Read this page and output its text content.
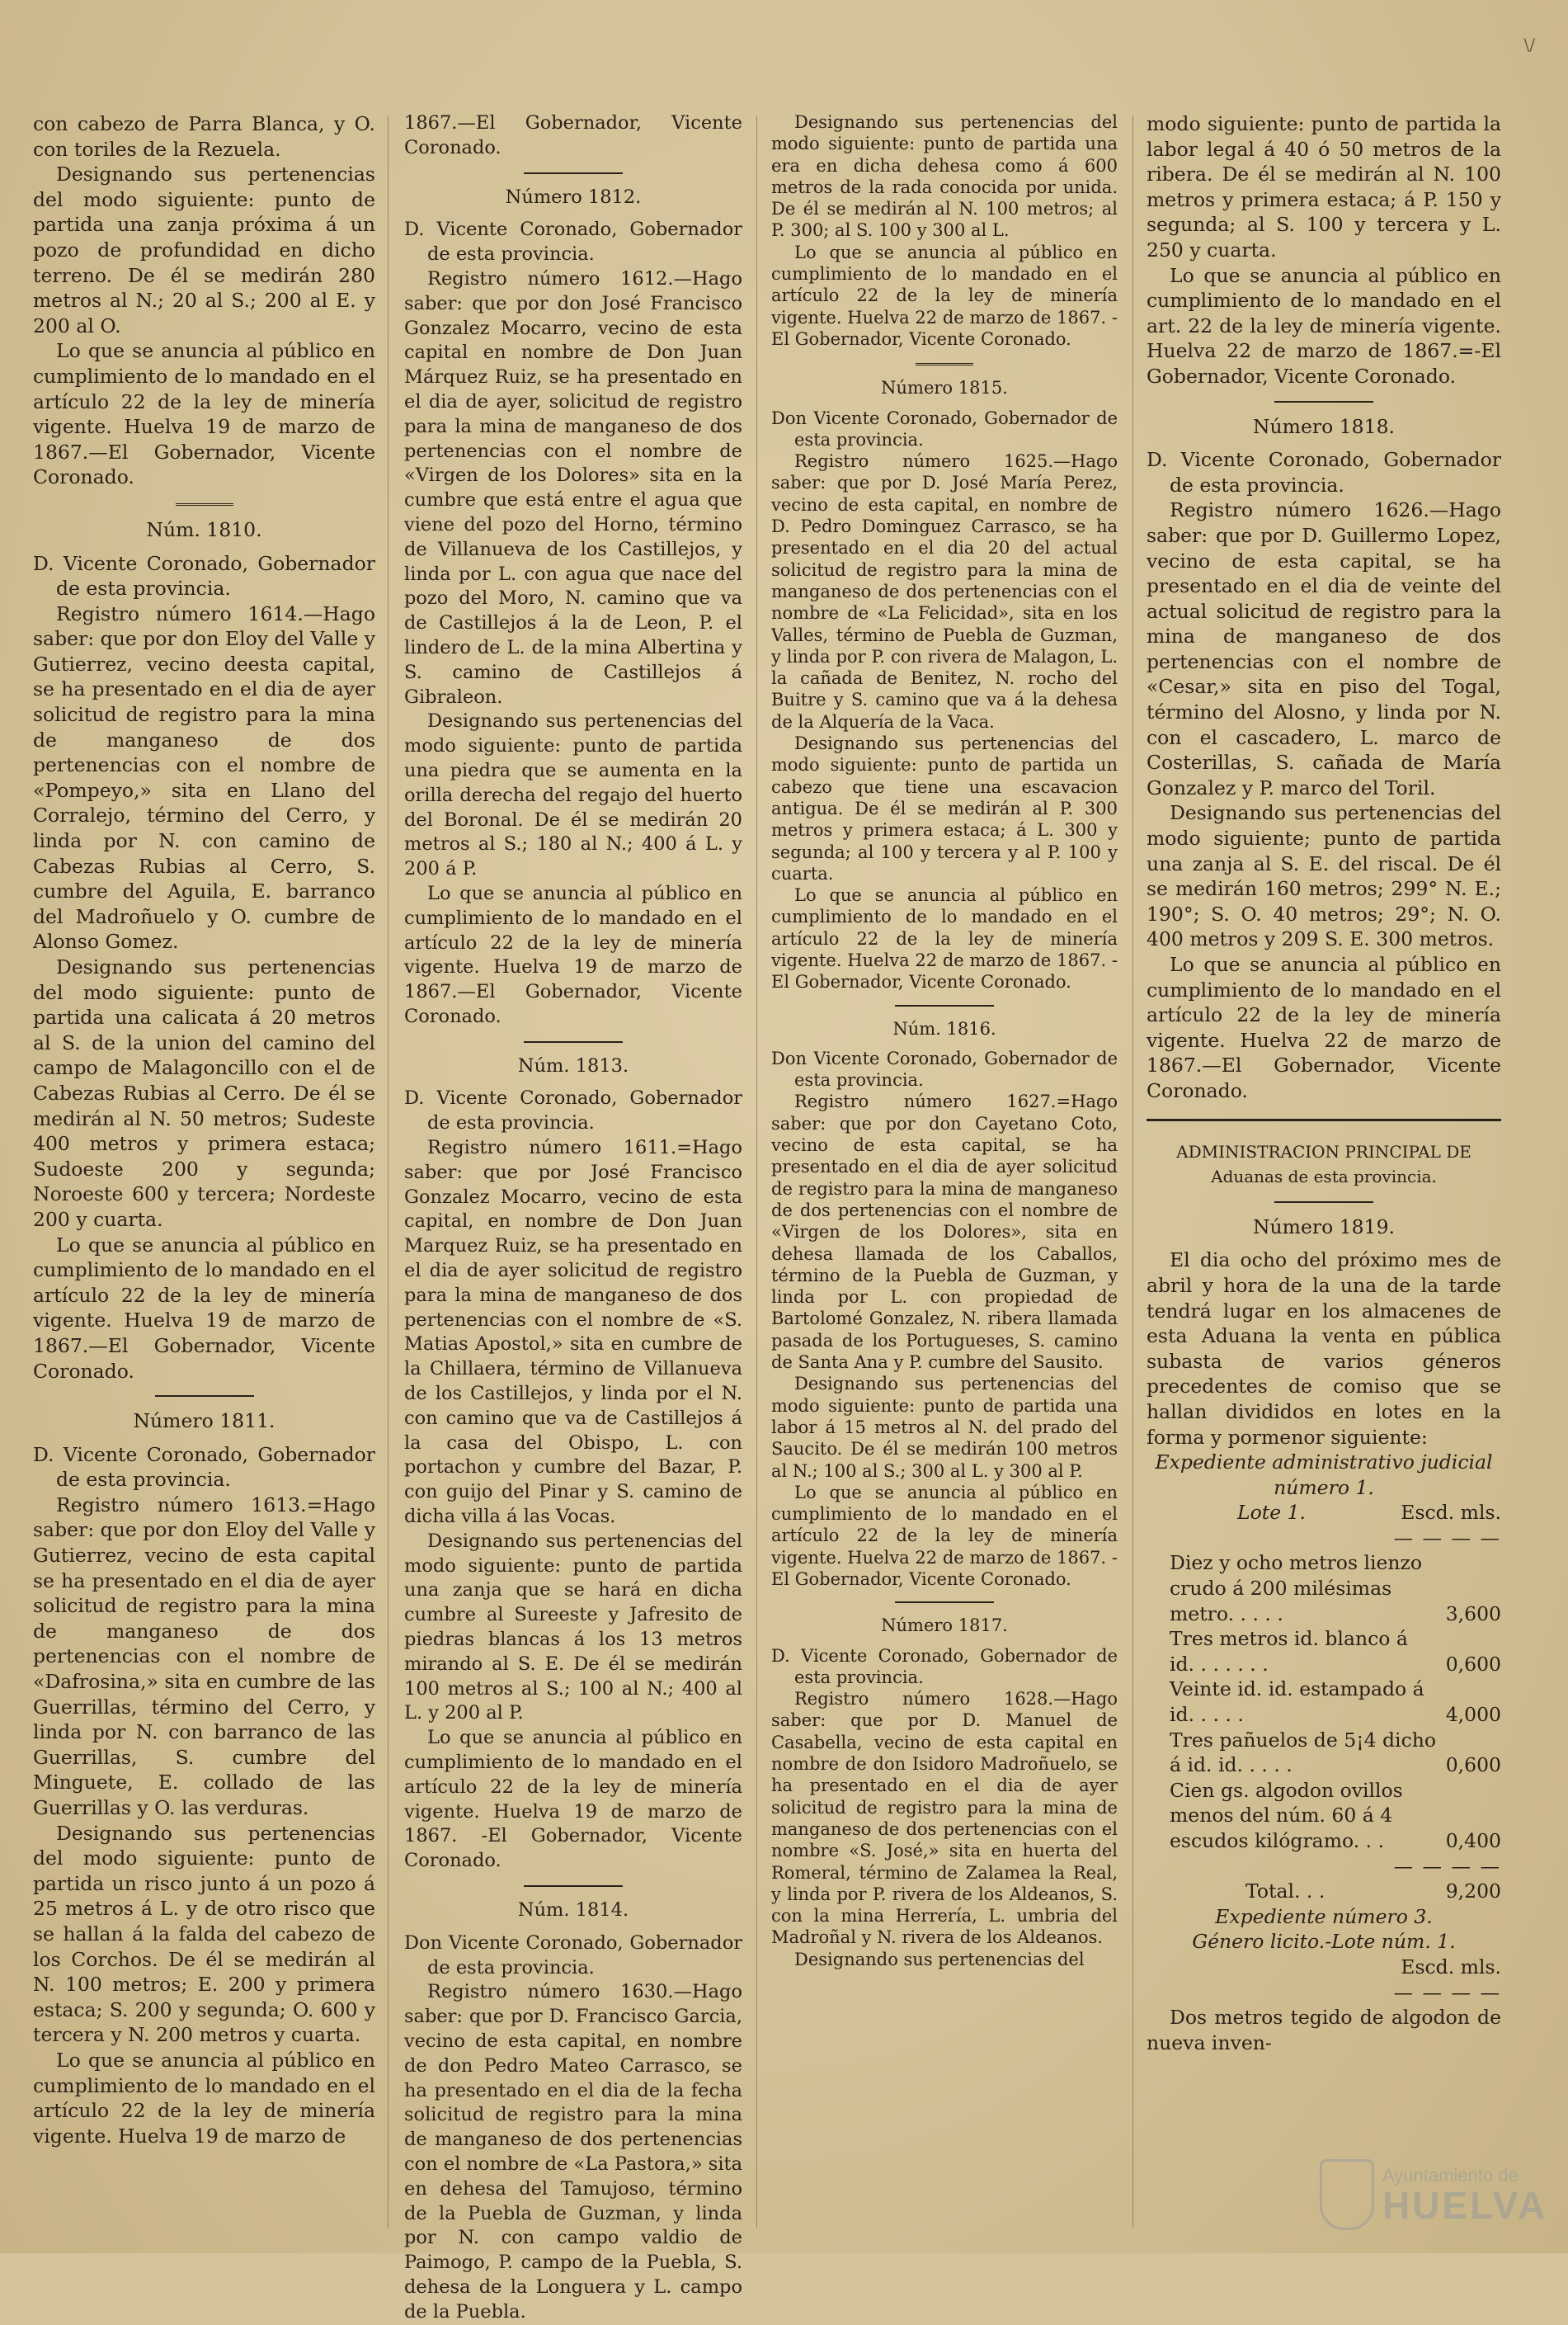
\/

con cabezo de Parra Blanca, y O. con toriles de la Rezuela.

Designando sus pertenencias del modo siguiente: punto de partida una zanja próxima á un pozo de profundidad en dicho terreno. De él se medirán 280 metros al N.; 20 al S.; 200 al E. y 200 al O.

Lo que se anuncia al público en cumplimiento de lo mandado en el artículo 22 de la ley de minería vigente. Huelva 19 de marzo de 1867.—El Gobernador, Vicente Coronado.

Núm. 1810.

D. Vicente Coronado, Gobernador de esta provincia.

Registro número 1614.—Hago saber: que por don Eloy del Valle y Gutierrez, vecino deesta capital, se ha presentado en el dia de ayer solicitud de registro para la mina de manganeso de dos pertenencias con el nombre de «Pompeyo,» sita en Llano del Corralejo, término del Cerro, y linda por N. con camino de Cabezas Rubias al Cerro, S. cumbre del Aguila, E. barranco del Madroñuelo y O. cumbre de Alonso Gomez.

Designando sus pertenencias del modo siguiente: punto de partida una calicata á 20 metros al S. de la union del camino del campo de Malagoncillo con el de Cabezas Rubias al Cerro. De él se medirán al N. 50 metros; Sudeste 400 metros y primera estaca; Sudoeste 200 y segunda; Noroeste 600 y tercera; Nordeste 200 y cuarta.

Lo que se anuncia al público en cumplimiento de lo mandado en el artículo 22 de la ley de minería vigente. Huelva 19 de marzo de 1867.—El Gobernador, Vicente Coronado.

Número 1811.

D. Vicente Coronado, Gobernador de esta provincia.

Registro número 1613.=Hago saber: que por don Eloy del Valle y Gutierrez, vecino de esta capital se ha presentado en el dia de ayer solicitud de registro para la mina de manganeso de dos pertenencias con el nombre de «Dafrosina,» sita en cumbre de las Guerrillas, término del Cerro, y linda por N. con barranco de las Guerrillas, S. cumbre del Minguete, E. collado de las Guerrillas y O. las verduras.

Designando sus pertenencias del modo siguiente: punto de partida un risco junto á un pozo á 25 metros á L. y de otro risco que se hallan á la falda del cabezo de los Corchos. De él se medirán al N. 100 metros; E. 200 y primera estaca; S. 200 y segunda; O. 600 y tercera y N. 200 metros y cuarta.

Lo que se anuncia al público en cumplimiento de lo mandado en el artículo 22 de la ley de minería vigente. Huelva 19 de marzo de

1867.—El Gobernador, Vicente Coronado.

Número 1812.

D. Vicente Coronado, Gobernador de esta provincia.

Registro número 1612.—Hago saber: que por don José Francisco Gonzalez Mocarro, vecino de esta capital en nombre de Don Juan Márquez Ruiz, se ha presentado en el dia de ayer, solicitud de registro para la mina de manganeso de dos pertenencias con el nombre de «Virgen de los Dolores» sita en la cumbre que está entre el agua que viene del pozo del Horno, término de Villanueva de los Castillejos, y linda por L. con agua que nace del pozo del Moro, N. camino que va de Castillejos á la de Leon, P. el lindero de L. de la mina Albertina y S. camino de Castillejos á Gibraleon.

Designando sus pertenencias del modo siguiente: punto de partida una piedra que se aumenta en la orilla derecha del regajo del huerto del Boronal. De él se medirán 20 metros al S.; 180 al N.; 400 á L. y 200 á P.

Lo que se anuncia al público en cumplimiento de lo mandado en el artículo 22 de la ley de minería vigente. Huelva 19 de marzo de 1867.—El Gobernador, Vicente Coronado.

Núm. 1813.

D. Vicente Coronado, Gobernador de esta provincia.

Registro número 1611.=Hago saber: que por José Francisco Gonzalez Mocarro, vecino de esta capital, en nombre de Don Juan Marquez Ruiz, se ha presentado en el dia de ayer solicitud de registro para la mina de manganeso de dos pertenencias con el nombre de «S. Matias Apostol,» sita en cumbre de la Chillaera, término de Villanueva de los Castillejos, y linda por el N. con camino que va de Castillejos á la casa del Obispo, L. con portachon y cumbre del Bazar, P. con guijo del Pinar y S. camino de dicha villa á las Vocas.

Designando sus pertenencias del modo siguiente: punto de partida una zanja que se hará en dicha cumbre al Sureeste y Jafresito de piedras blancas á los 13 metros mirando al S. E. De él se medirán 100 metros al S.; 100 al N.; 400 al L. y 200 al P.

Lo que se anuncia al público en cumplimiento de lo mandado en el artículo 22 de la ley de minería vigente. Huelva 19 de marzo de 1867. -El Gobernador, Vicente Coronado.

Núm. 1814.

Don Vicente Coronado, Gobernador de esta provincia.

Registro número 1630.—Hago saber: que por D. Francisco Garcia, vecino de esta capital, en nombre de don Pedro Mateo Carrasco, se ha presentado en el dia de la fecha solicitud de registro para la mina de manganeso de dos pertenencias con el nombre de «La Pastora,» sita en dehesa del Tamujoso, término de la Puebla de Guzman, y linda por N. con campo valdio de Paimogo, P. campo de la Puebla, S. dehesa de la Longuera y L. campo de la Puebla.

Designando sus pertenencias del modo siguiente: punto de partida una era en dicha dehesa como á 600 metros de la rada conocida por unida. De él se medirán al N. 100 metros; al P. 300; al S. 100 y 300 al L.

Lo que se anuncia al público en cumplimiento de lo mandado en el artículo 22 de la ley de minería vigente. Huelva 22 de marzo de 1867. -El Gobernador, Vicente Coronado.

Número 1815.

Don Vicente Coronado, Gobernador de esta provincia.

Registro número 1625.—Hago saber: que por D. José María Perez, vecino de esta capital, en nombre de D. Pedro Dominguez Carrasco, se ha presentado en el dia 20 del actual solicitud de registro para la mina de manganeso de dos pertenencias con el nombre de «La Felicidad», sita en los Valles, término de Puebla de Guzman, y linda por P. con rivera de Malagon, L. la cañada de Benitez, N. rocho del Buitre y S. camino que va á la dehesa de la Alquería de la Vaca.

Designando sus pertenencias del modo siguiente: punto de partida un cabezo que tiene una escavacion antigua. De él se medirán al P. 300 metros y primera estaca; á L. 300 y segunda; al 100 y tercera y al P. 100 y cuarta.

Lo que se anuncia al público en cumplimiento de lo mandado en el artículo 22 de la ley de minería vigente. Huelva 22 de marzo de 1867. -El Gobernador, Vicente Coronado.

Núm. 1816.

Don Vicente Coronado, Gobernador de esta provincia.

Registro número 1627.=Hago saber: que por don Cayetano Coto, vecino de esta capital, se ha presentado en el dia de ayer solicitud de registro para la mina de manganeso de dos pertenencias con el nombre de «Virgen de los Dolores», sita en dehesa llamada de los Caballos, término de la Puebla de Guzman, y linda por L. con propiedad de Bartolomé Gonzalez, N. ribera llamada pasada de los Portugueses, S. camino de Santa Ana y P. cumbre del Sausito.

Designando sus pertenencias del modo siguiente: punto de partida una labor á 15 metros al N. del prado del Saucito. De él se medirán 100 metros al N.; 100 al S.; 300 al L. y 300 al P.

Lo que se anuncia al público en cumplimiento de lo mandado en el artículo 22 de la ley de minería vigente. Huelva 22 de marzo de 1867. -El Gobernador, Vicente Coronado.

Número 1817.

D. Vicente Coronado, Gobernador de esta provincia.

Registro número 1628.—Hago saber: que por D. Manuel de Casabella, vecino de esta capital en nombre de don Isidoro Madroñuelo, se ha presentado en el dia de ayer solicitud de registro para la mina de manganeso de dos pertenencias con el nombre «S. José,» sita en huerta del Romeral, término de Zalamea la Real, y linda por P. rivera de los Aldeanos, S. con la mina Herrería, L. umbria del Madroñal y N. rivera de los Aldeanos.

Designando sus pertenencias del

modo siguiente: punto de partida la labor legal á 40 ó 50 metros de la ribera. De él se medirán al N. 100 metros y primera estaca; á P. 150 y segunda; al S. 100 y tercera y L. 250 y cuarta.

Lo que se anuncia al público en cumplimiento de lo mandado en el art. 22 de la ley de minería vigente. Huelva 22 de marzo de 1867.=-El Gobernador, Vicente Coronado.

Número 1818.

D. Vicente Coronado, Gobernador de esta provincia.

Registro número 1626.—Hago saber: que por D. Guillermo Lopez, vecino de esta capital, se ha presentado en el dia de veinte del actual solicitud de registro para la mina de manganeso de dos pertenencias con el nombre de «Cesar,» sita en piso del Togal, término del Alosno, y linda por N. con el cascadero, L. marco de Costerillas, S. cañada de María Gonzalez y P. marco del Toril.

Designando sus pertenencias del modo siguiente; punto de partida una zanja al S. E. del riscal. De él se medirán 160 metros; 299° N. E.; 190°; S. O. 40 metros; 29°; N. O. 400 metros y 209 S. E. 300 metros.

Lo que se anuncia al público en cumplimiento de lo mandado en el artículo 22 de la ley de minería vigente. Huelva 22 de marzo de 1867.—El Gobernador, Vicente Coronado.

ADMINISTRACION PRINCIPAL DE

Aduanas de esta provincia.

Número 1819.

El dia ocho del próximo mes de abril y hora de la una de la tarde tendrá lugar en los almacenes de esta Aduana la venta en pública subasta de varios géneros precedentes de comiso que se hallan divididos en lotes en la forma y pormenor siguiente:

Expediente administrativo judicial número 1.

Lote 1.	Escd. mls.
— — — —
Diez y ocho metros lienzo crudo á 200 milésimas metro. . . . .	3,600
Tres metros id. blanco á id. . . . . . .	0,600
Veinte id. id. estampado á id. . . . .	4,000
Tres pañuelos de 5¡4 dicho á id. id. . . . .	0,600
Cien gs. algodon ovillos menos del núm. 60 á 4 escudos kilógramo. . .	0,400
— — — —
Total. . .	9,200

Expediente número 3.

Género licito.-Lote núm. 1.

Escd. mls.

— — — —

Dos metros tegido de algodon de nueva inven-

Ayuntamiento de
HUELVA
